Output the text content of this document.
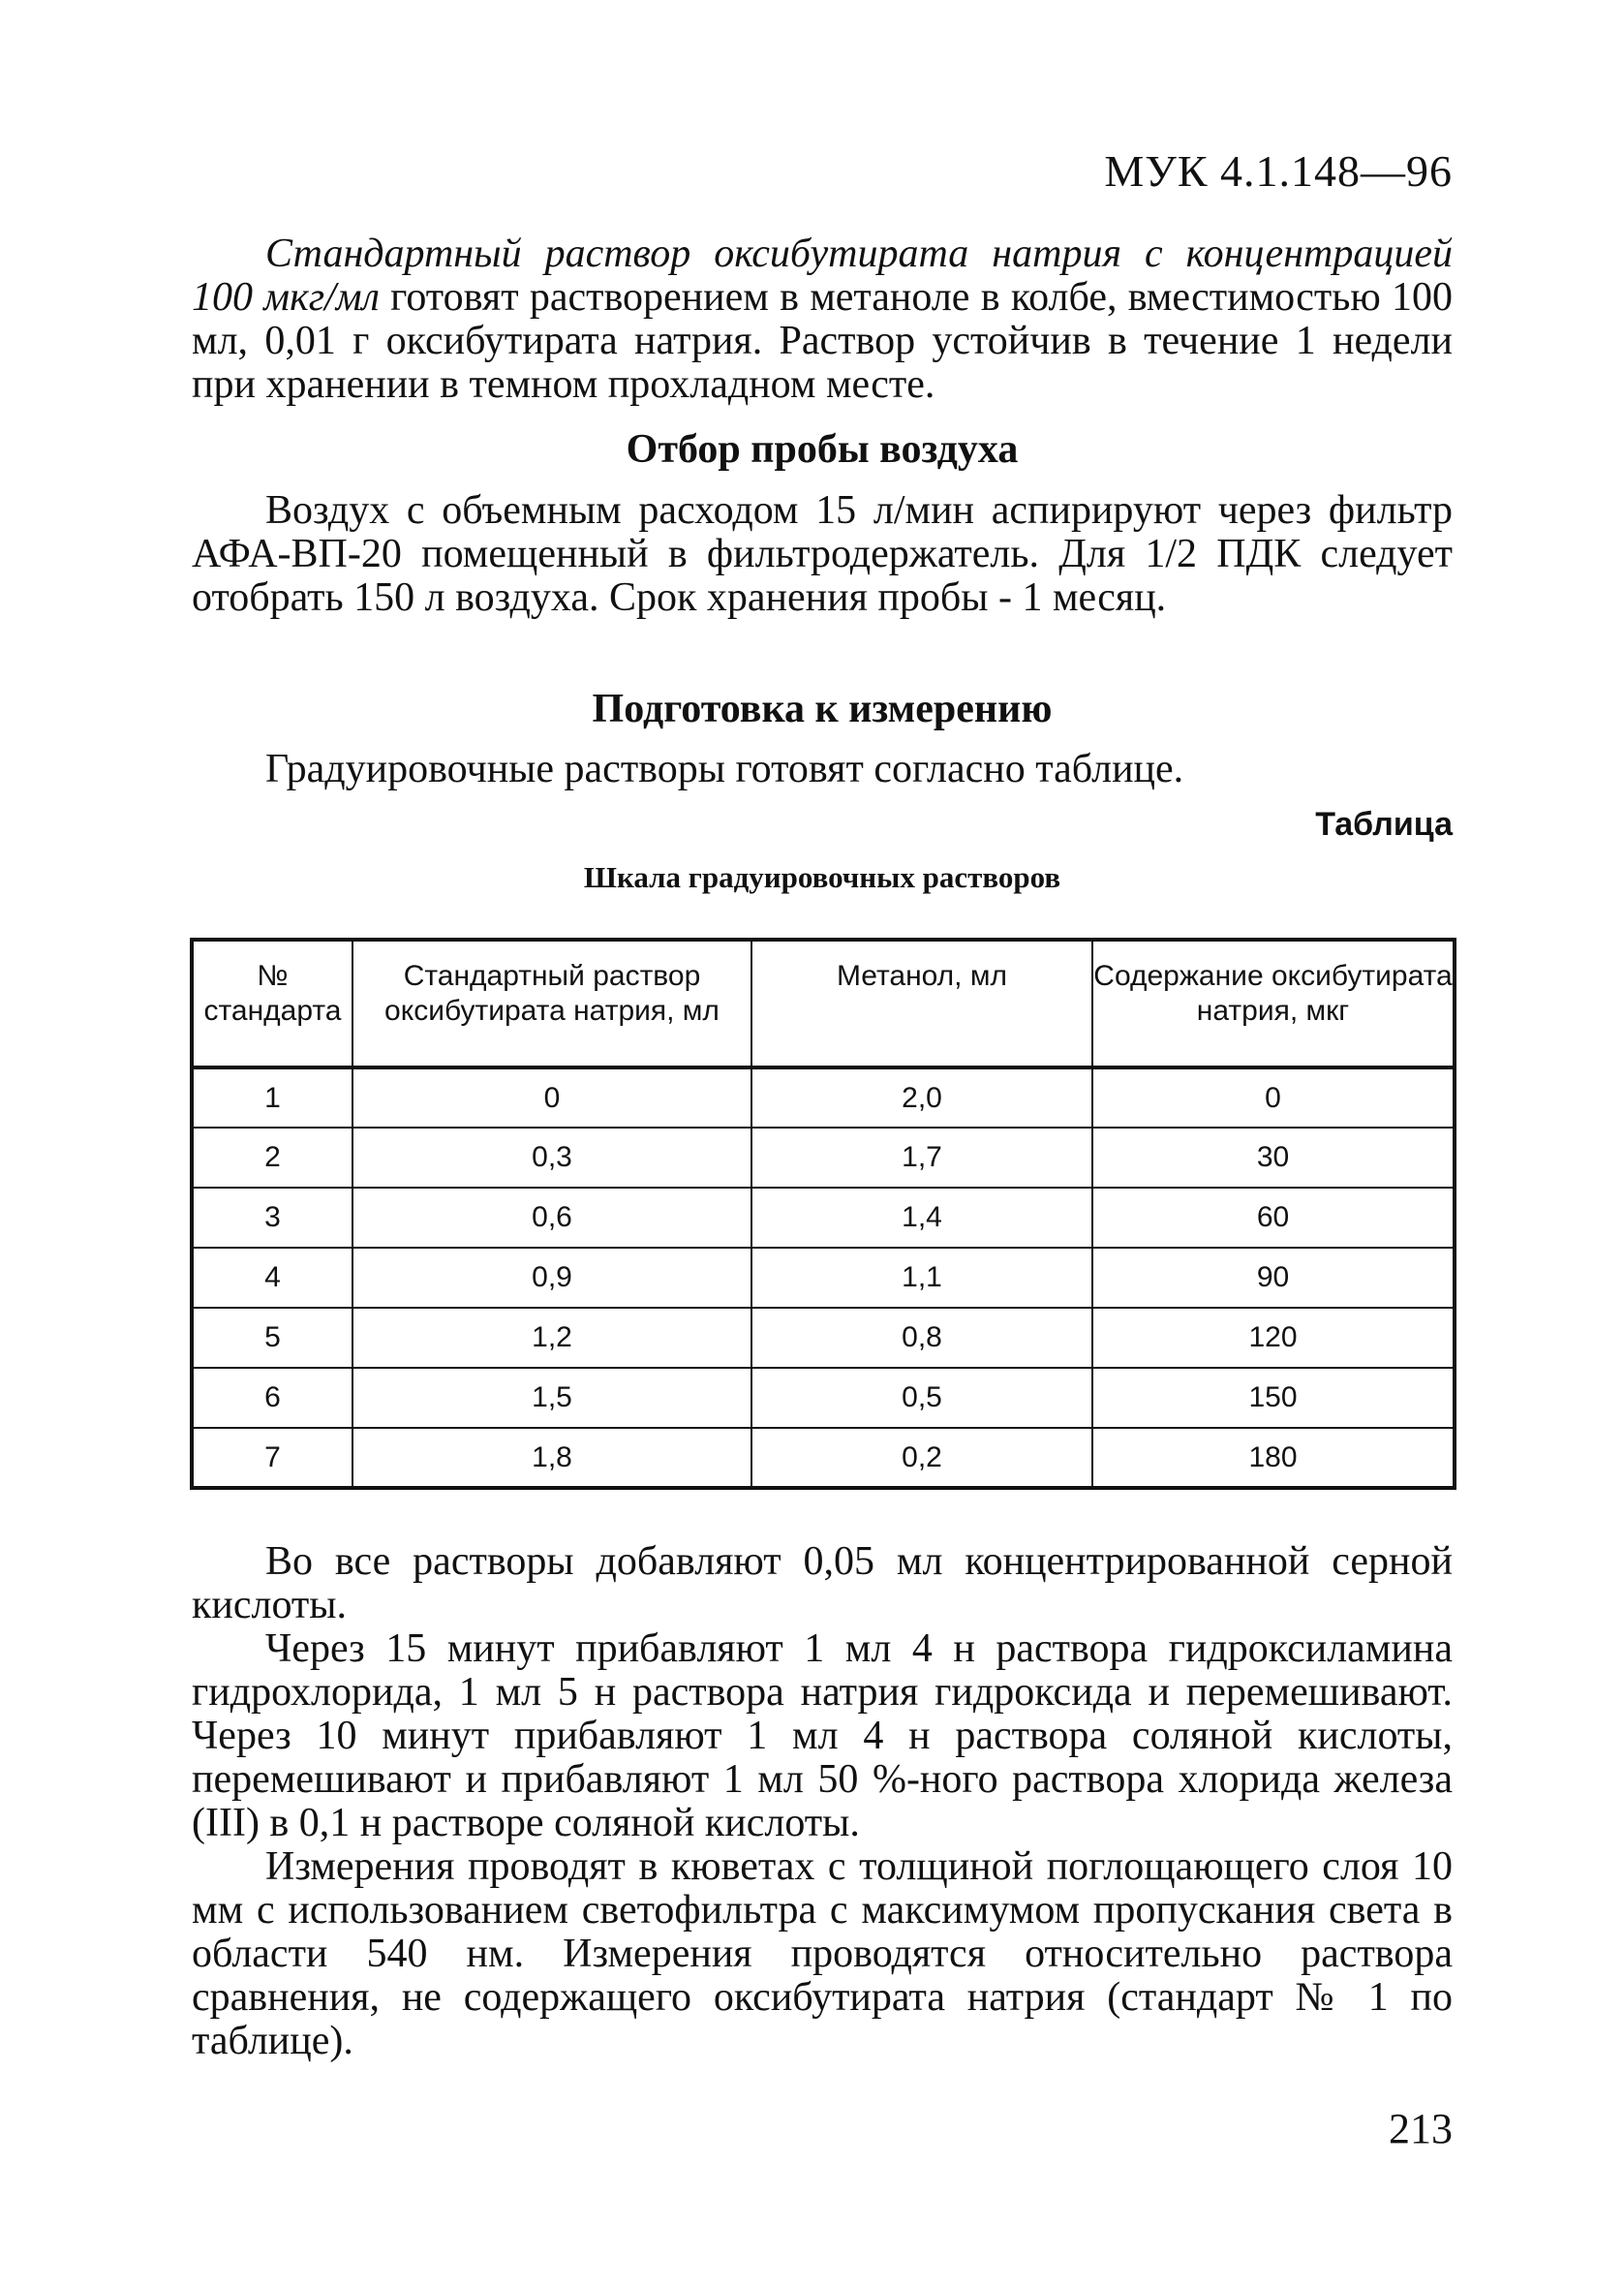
МУК 4.1.148—96

Стандартный раствор оксибутирата натрия с концентрацией 100 мкг/мл готовят растворением в метаноле в колбе, вместимостью 100 мл, 0,01 г оксибутирата натрия. Раствор устойчив в течение 1 недели при хранении в темном прохладном месте.

Отбор пробы воздуха

Воздух с объемным расходом 15 л/мин аспирируют через фильтр АФА-ВП-20 помещенный в фильтродержатель. Для 1/2 ПДК следует отобрать 150 л воздуха. Срок хранения пробы - 1 месяц.

Подготовка к измерению

Градуировочные растворы готовят согласно таблице.

Таблица
Шкала градуировочных растворов
№ стандарта	Стандартный раствор оксибутирата натрия, мл	Метанол, мл	Содержание оксибутирата натрия, мкг
1	0	2,0	0
2	0,3	1,7	30
3	0,6	1,4	60
4	0,9	1,1	90
5	1,2	0,8	120
6	1,5	0,5	150
7	1,8	0,2	180

Во все растворы добавляют 0,05 мл концентрированной серной кислоты.

Через 15 минут прибавляют 1 мл 4 н раствора гидроксиламина гидрохлорида, 1 мл 5 н раствора натрия гидроксида и перемешивают. Через 10 минут прибавляют 1 мл 4 н раствора соляной кислоты, перемешивают и прибавляют 1 мл 50 %-ного раствора хлорида железа (III) в 0,1 н растворе соляной кислоты.

Измерения проводят в кюветах с толщиной поглощающего слоя 10 мм с использованием светофильтра с максимумом пропускания света в области 540 нм. Измерения проводятся относительно раствора сравнения, не содержащего оксибутирата натрия (стандарт № 1 по таблице).

213
